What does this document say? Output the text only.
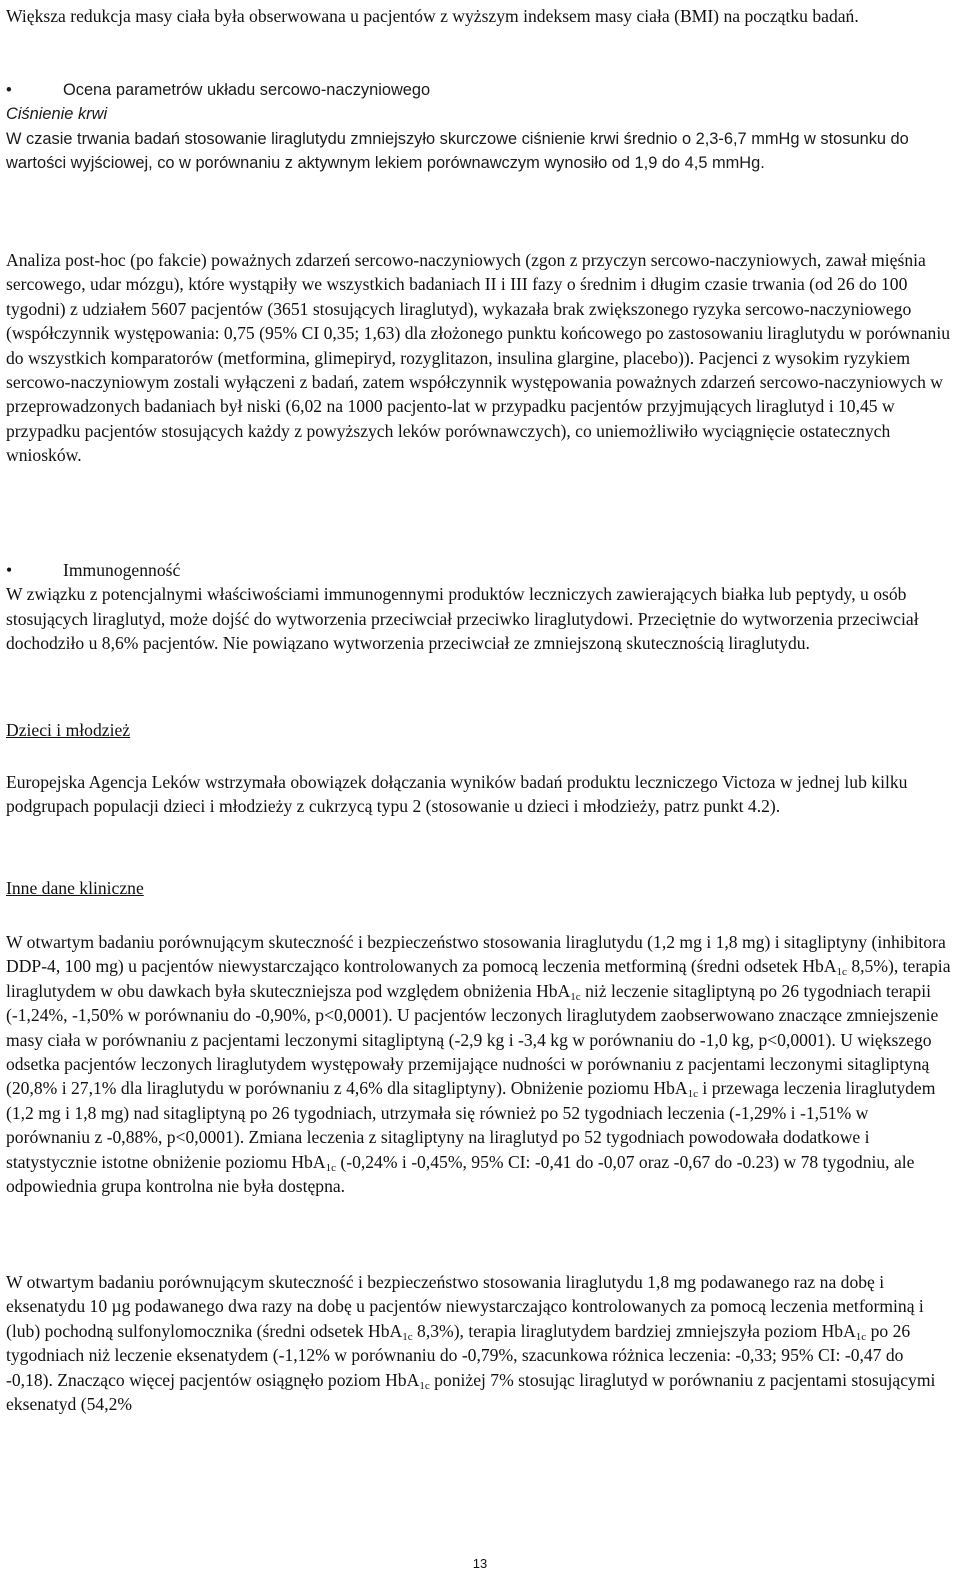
Większa redukcja masy ciała była obserwowana u pacjentów z wyższym indeksem masy ciała (BMI) na początku badań.

•	Ocena parametrów układu sercowo-naczyniowego
Ciśnienie krwi
W czasie trwania badań stosowanie liraglutydu zmniejszyło skurczowe ciśnienie krwi średnio o 2,3-6,7 mmHg w stosunku do wartości wyjściowej, co w porównaniu z aktywnym lekiem porównawczym wynosiło od 1,9 do 4,5 mmHg.

Analiza post-hoc (po fakcie) poważnych zdarzeń sercowo-naczyniowych (zgon z przyczyn sercowo-naczyniowych, zawał mięśnia sercowego, udar mózgu), które wystąpiły we wszystkich badaniach II i III fazy o średnim i długim czasie trwania (od 26 do 100 tygodni) z udziałem 5607 pacjentów (3651 stosujących liraglutyd), wykazała brak zwiększonego ryzyka sercowo-naczyniowego (współczynnik występowania: 0,75 (95% CI 0,35; 1,63) dla złożonego punktu końcowego po zastosowaniu liraglutydu w porównaniu do wszystkich komparatorów (metformina, glimepiryd, rozyglitazon, insulina glargine, placebo)). Pacjenci z wysokim ryzykiem sercowo-naczyniowym zostali wyłączeni z badań, zatem współczynnik występowania poważnych zdarzeń sercowo-naczyniowych w przeprowadzonych badaniach był niski (6,02 na 1000 pacjento-lat w przypadku pacjentów przyjmujących liraglutyd i 10,45 w przypadku pacjentów stosujących każdy z powyższych leków porównawczych), co uniemożliwiło wyciągnięcie ostatecznych wniosków.

•	Immunogenność
W związku z potencjalnymi właściwościami immunogennymi produktów leczniczych zawierających białka lub peptydy, u osób stosujących liraglutyd, może dojść do wytworzenia przeciwciał przeciwko liraglutydowi. Przeciętnie do wytworzenia przeciwciał dochodziło u 8,6% pacjentów. Nie powiązano wytworzenia przeciwciał ze zmniejszoną skutecznością liraglutydu.
Dzieci i młodzież

Europejska Agencja Leków wstrzymała obowiązek dołączania wyników badań produktu leczniczego Victoza w jednej lub kilku podgrupach populacji dzieci i młodzieży z cukrzycą typu 2 (stosowanie u dzieci i młodzieży, patrz punkt 4.2).

Inne dane kliniczne

W otwartym badaniu porównującym skuteczność i bezpieczeństwo stosowania liraglutydu (1,2 mg i 1,8 mg) i sitagliptyny (inhibitora DDP-4, 100 mg) u pacjentów niewystarczająco kontrolowanych za pomocą leczenia metforminą (średni odsetek HbA$_{1c}$ 8,5%), terapia liraglutydem w obu dawkach była skuteczniejsza pod względem obniżenia HbA$_{1c}$ niż leczenie sitagliptyną po 26 tygodniach terapii (-1,24%, -1,50% w porównaniu do -0,90%, p<0,0001). U pacjentów leczonych liraglutydem zaobserwowano znaczące zmniejszenie masy ciała w porównaniu z pacjentami leczonymi sitagliptyną (-2,9 kg i -3,4 kg w porównaniu do -1,0 kg, p<0,0001). U większego odsetka pacjentów leczonych liraglutydem występowały przemijające nudności w porównaniu z pacjentami leczonymi sitagliptyną (20,8% i 27,1% dla liraglutydu w porównaniu z 4,6% dla sitagliptyny). Obniżenie poziomu HbA$_{1c}$ i przewaga leczenia liraglutydem (1,2 mg i 1,8 mg) nad sitagliptyną po 26 tygodniach, utrzymała się również po 52 tygodniach leczenia (-1,29% i -1,51% w porównaniu z -0,88%, p<0,0001). Zmiana leczenia z sitagliptyny na liraglutyd po 52 tygodniach powodowała dodatkowe i statystycznie istotne obniżenie poziomu HbA$_{1c}$ (-0,24% i -0,45%, 95% CI: -0,41 do -0,07 oraz -0,67 do -0.23) w 78 tygodniu, ale odpowiednia grupa kontrolna nie była dostępna.

W otwartym badaniu porównującym skuteczność i bezpieczeństwo stosowania liraglutydu 1,8 mg podawanego raz na dobę i eksenatydu 10 µg podawanego dwa razy na dobę u pacjentów niewystarczająco kontrolowanych za pomocą leczenia metforminą i (lub) pochodną sulfonylomocznika (średni odsetek HbA$_{1c}$ 8,3%), terapia liraglutydem bardziej zmniejszyła poziom HbA$_{1c}$ po 26 tygodniach niż leczenie eksenatydem (-1,12% w porównaniu do -0,79%, szacunkowa różnica leczenia: -0,33; 95% CI: -0,47 do -0,18). Znacząco więcej pacjentów osiągnęło poziom HbA$_{1c}$ poniżej 7% stosując liraglutyd w porównaniu z pacjentami stosującymi eksenatyd (54,2%

13
